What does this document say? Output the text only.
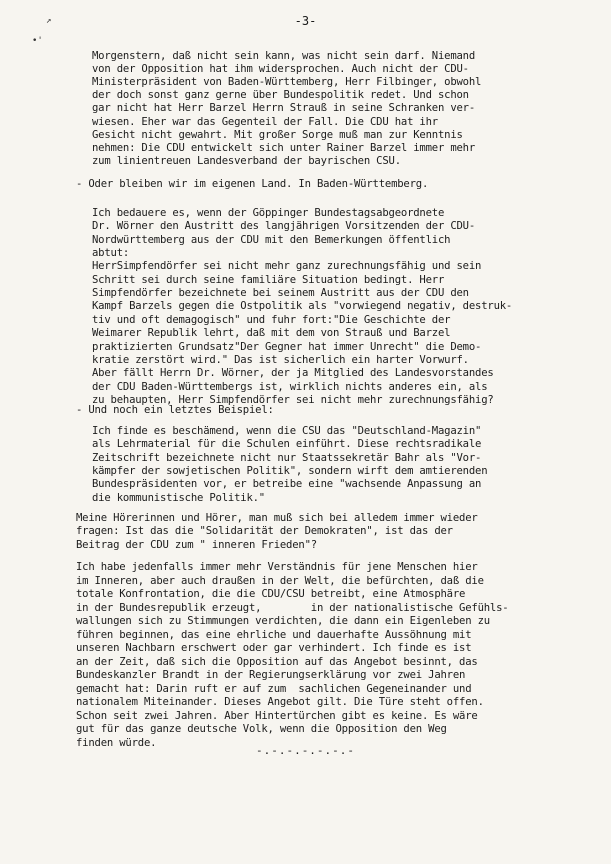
↗
•'
-3-
Morgenstern, daß nicht sein kann, was nicht sein darf. Niemand
von der Opposition hat ihm widersprochen. Auch nicht der CDU-
Ministerpräsident von Baden-Württemberg, Herr Filbinger, obwohl
der doch sonst ganz gerne über Bundespolitik redet. Und schon
gar nicht hat Herr Barzel Herrn Strauß in seine Schranken ver-
wiesen. Eher war das Gegenteil der Fall. Die CDU hat ihr
Gesicht nicht gewahrt. Mit großer Sorge muß man zur Kenntnis
nehmen: Die CDU entwickelt sich unter Rainer Barzel immer mehr
zum linientreuen Landesverband der bayrischen CSU.
- Oder bleiben wir im eigenen Land. In Baden-Württemberg.
Ich bedauere es, wenn der Göppinger Bundestagsabgeordnete
Dr. Wörner den Austritt des langjährigen Vorsitzenden der CDU-
Nordwürttemberg aus der CDU mit den Bemerkungen öffentlich
abtut:
HerrSimpfendörfer sei nicht mehr ganz zurechnungsfähig und sein
Schritt sei durch seine familiäre Situation bedingt. Herr
Simpfendörfer bezeichnete bei seinem Austritt aus der CDU den
Kampf Barzels gegen die Ostpolitik als "vorwiegend negativ, destruk-
tiv und oft demagogisch" und fuhr fort:"Die Geschichte der
Weimarer Republik lehrt, daß mit dem von Strauß und Barzel
praktizierten Grundsatz"Der Gegner hat immer Unrecht" die Demo-
kratie zerstört wird." Das ist sicherlich ein harter Vorwurf.
Aber fällt Herrn Dr. Wörner, der ja Mitglied des Landesvorstandes
der CDU Baden-Württembergs ist, wirklich nichts anderes ein, als
zu behaupten, Herr Simpfendörfer sei nicht mehr zurechnungsfähig?
- Und noch ein letztes Beispiel:
Ich finde es beschämend, wenn die CSU das "Deutschland-Magazin"
als Lehrmaterial für die Schulen einführt. Diese rechtsradikale
Zeitschrift bezeichnete nicht nur Staatssekretär Bahr als "Vor-
kämpfer der sowjetischen Politik", sondern wirft dem amtierenden
Bundespräsidenten vor, er betreibe eine "wachsende Anpassung an
die kommunistische Politik."
Meine Hörerinnen und Hörer, man muß sich bei alledem immer wieder
fragen: Ist das die "Solidarität der Demokraten", ist das der
Beitrag der CDU zum " inneren Frieden"?
Ich habe jedenfalls immer mehr Verständnis für jene Menschen hier
im Inneren, aber auch draußen in der Welt, die befürchten, daß die
totale Konfrontation, die die CDU/CSU betreibt, eine Atmosphäre
in der Bundesrepublik erzeugt,        in der nationalistische Gefühls-
wallungen sich zu Stimmungen verdichten, die dann ein Eigenleben zu
führen beginnen, das eine ehrliche und dauerhafte Aussöhnung mit
unseren Nachbarn erschwert oder gar verhindert. Ich finde es ist
an der Zeit, daß sich die Opposition auf das Angebot besinnt, das
Bundeskanzler Brandt in der Regierungserklärung vor zwei Jahren
gemacht hat: Darin ruft er auf zum  sachlichen Gegeneinander und
nationalem Miteinander. Dieses Angebot gilt. Die Türe steht offen.
Schon seit zwei Jahren. Aber Hintertürchen gibt es keine. Es wäre
gut für das ganze deutsche Volk, wenn die Opposition den Weg
finden würde.
-.-.-.-.-.-.-
